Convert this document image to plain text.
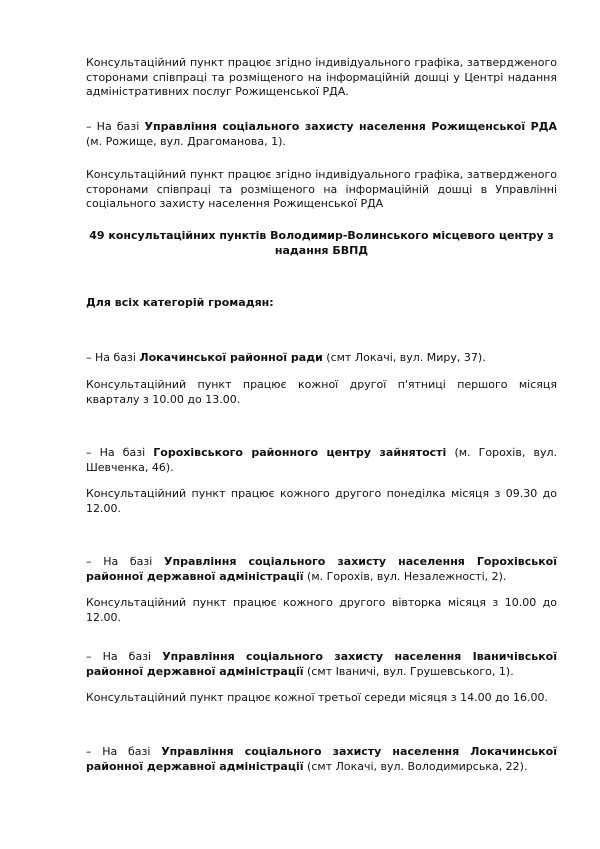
Консультаційний пункт працює згідно індивідуального графіка, затвердженого сторонами співпраці та розміщеного на інформаційній дошці у Центрі надання адміністративних послуг Рожищенської РДА.

– На базі Управління соціального захисту населення Рожищенської РДА (м. Рожище, вул. Драгоманова, 1).

Консультаційний пункт працює згідно індивідуального графіка, затвердженого сторонами співпраці та розміщеного на інформаційній дошці в Управлінні соціального захисту населення Рожищенської РДА

49 консультаційних пунктів Володимир-Волинського місцевого центру з надання БВПД

Для всіх категорій громадян:

– На базі Локачинської районної ради (смт Локачі, вул. Миру, 37).

Консультаційний пункт працює кожної другої п'ятниці першого місяця кварталу з 10.00 до 13.00.

– На базі Горохівського районного центру зайнятості (м. Горохів, вул. Шевченка, 46).

Консультаційний пункт працює кожного другого понеділка місяця з 09.30 до 12.00.

– На базі Управління соціального захисту населення Горохівської районної державної адміністрації (м. Горохів, вул. Незалежності, 2).

Консультаційний пункт працює кожного другого вівторка місяця з 10.00 до 12.00.

– На базі Управління соціального захисту населення Іваничівської районної державної адміністрації (смт Іваничі, вул. Грушевського, 1).

Консультаційний пункт працює кожної третьої середи місяця з 14.00 до 16.00.

– На базі Управління соціального захисту населення Локачинської районної державної адміністрації (смт Локачі, вул. Володимирська, 22).
